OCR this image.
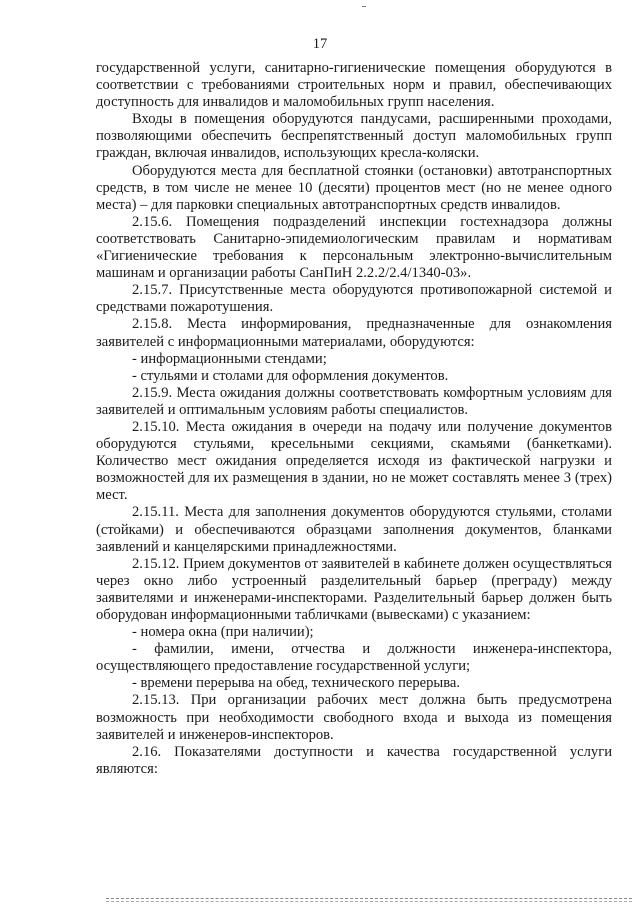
17

государственной услуги, санитарно-гигиенические помещения оборудуются в соответствии с требованиями строительных норм и правил, обеспечивающих доступность для инвалидов и маломобильных групп населения.

Входы в помещения оборудуются пандусами, расширенными проходами, позволяющими обеспечить беспрепятственный доступ маломобильных групп граждан, включая инвалидов, использующих кресла-коляски.

Оборудуются места для бесплатной стоянки (остановки) автотранспортных средств, в том числе не менее 10 (десяти) процентов мест (но не менее одного места) – для парковки специальных автотранспортных средств инвалидов.

2.15.6. Помещения подразделений инспекции гостехнадзора должны соответствовать Санитарно-эпидемиологическим правилам и нормативам «Гигиенические требования к персональным электронно-вычислительным машинам и организации работы СанПиН 2.2.2/2.4/1340-03».

2.15.7. Присутственные места оборудуются противопожарной системой и средствами пожаротушения.

2.15.8. Места информирования, предназначенные для ознакомления заявителей с информационными материалами, оборудуются:

- информационными стендами;

- стульями и столами для оформления документов.

2.15.9. Места ожидания должны соответствовать комфортным условиям для заявителей и оптимальным условиям работы специалистов.

2.15.10. Места ожидания в очереди на подачу или получение документов оборудуются стульями, кресельными секциями, скамьями (банкетками). Количество мест ожидания определяется исходя из фактической нагрузки и возможностей для их размещения в здании, но не может составлять менее 3 (трех) мест.

2.15.11. Места для заполнения документов оборудуются стульями, столами (стойками) и обеспечиваются образцами заполнения документов, бланками заявлений и канцелярскими принадлежностями.

2.15.12. Прием документов от заявителей в кабинете должен осуществляться через окно либо устроенный разделительный барьер (преграду) между заявителями и инженерами-инспекторами. Разделительный барьер должен быть оборудован информационными табличками (вывесками) с указанием:

- номера окна (при наличии);

- фамилии, имени, отчества и должности инженера-инспектора, осуществляющего предоставление государственной услуги;

- времени перерыва на обед, технического перерыва.

2.15.13. При организации рабочих мест должна быть предусмотрена возможность при необходимости свободного входа и выхода из помещения заявителей и инженеров-инспекторов.

2.16. Показателями доступности и качества государственной услуги являются:
